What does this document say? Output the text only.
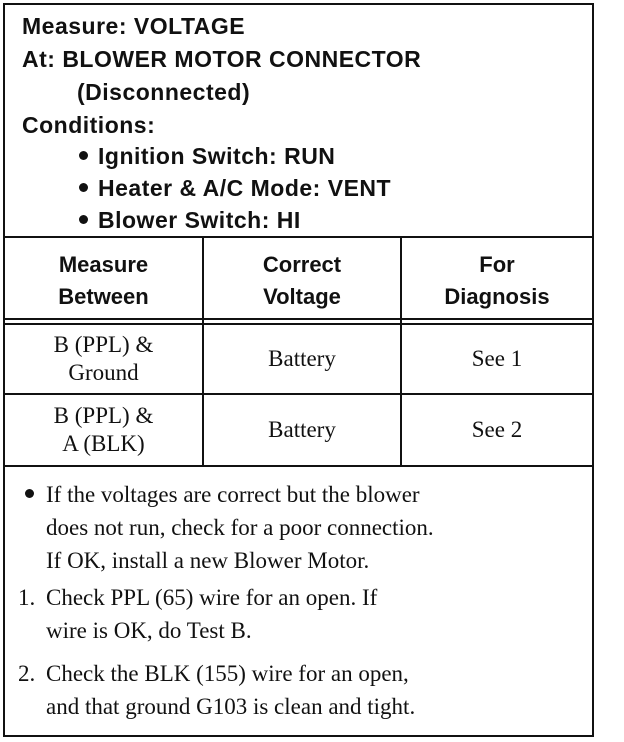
Measure: VOLTAGE
At: BLOWER MOTOR CONNECTOR
(Disconnected)
Conditions:
Ignition Switch: RUN
Heater & A/C Mode: VENT
Blower Switch: HI
Measure
Between
Correct
Voltage
For
Diagnosis
B (PPL) &
Ground
Battery	See 1
B (PPL) &
A (BLK)
Battery	See 2
If the voltages are correct but the blower
does not run, check for a poor connection.
If OK, install a new Blower Motor.
1. Check PPL (65) wire for an open. If
wire is OK, do Test B.
2. Check the BLK (155) wire for an open,
and that ground G103 is clean and tight.
